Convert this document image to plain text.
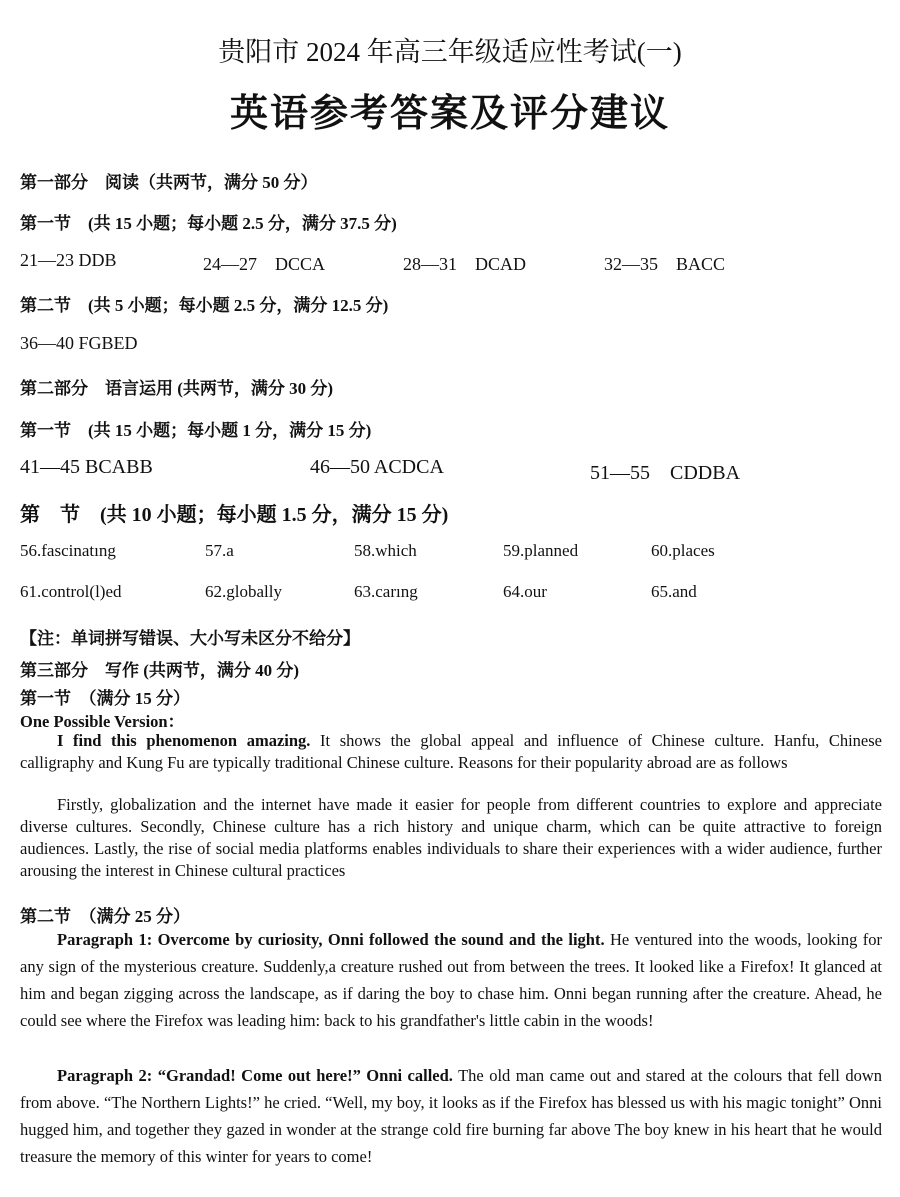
贵阳市 2024 年高三年级适应性考试(一)
英语参考答案及评分建议
第一部分　阅读（共两节，满分 50 分）
第一节　(共 15 小题；每小题 2.5 分，满分 37.5 分)
21—23 DDB	24—27　DCCA	28—31　DCAD	32—35　BACC
第二节　(共 5 小题；每小题 2.5 分，满分 12.5 分)
36—40 FGBED
第二部分　语言运用 (共两节，满分 30 分)
第一节　(共 15 小题；每小题 1 分，满分 15 分)
41—45 BCABB	46—50 ACDCA	51—55　CDDBA
第　节　(共 10 小题；每小题 1.5 分，满分 15 分)
56.fascinatıng	57.a	58.which	59.planned	60.places
61.control(l)ed	62.globally	63.carıng	64.our	65.and
【注：单词拼写错误、大小写未区分不给分】
第三部分　写作 (共两节，满分 40 分)
第一节　（满分 15 分）
One Possible Version：
I find this phenomenon amazing. It shows the global appeal and influence of Chinese culture. Hanfu, Chinese　calligraphy and Kung Fu are typically traditional Chinese culture. Reasons for their popularity abroad are as follows
Firstly, globalization and the internet have made it easier for people from different countries to explore and appreciate diverse cultures. Secondly, Chinese culture has a rich history and unique charm, which can be quite attractive to foreign audiences. Lastly, the rise of social media platforms enables individuals to share their experiences with a wider audience, further arousing the interest in Chinese cultural practices
第二节　（满分 25 分）
Paragraph 1: Overcome by curiosity, Onni followed the sound and the light. He ventured into the woods, looking for any sign of the mysterious creature. Suddenly,a creature rushed out from between the trees. It looked like a Firefox! It glanced at him and began zigging across the landscape, as if daring the boy to chase him. Onni began running after the creature. Ahead, he could see where the Firefox was leading him: back to his grandfather's little cabin in the woods!
Paragraph 2: “Grandad! Come out here!” Onni called. The old man came out and stared at the colours that fell down from above. “The Northern Lights!” he cried. “Well, my boy, it looks as if the Firefox has blessed us with his magic tonight” Onni hugged him, and together they gazed in wonder at the strange cold fire burning far above The boy knew in his heart that he would treasure the memory of this winter for years to come!
